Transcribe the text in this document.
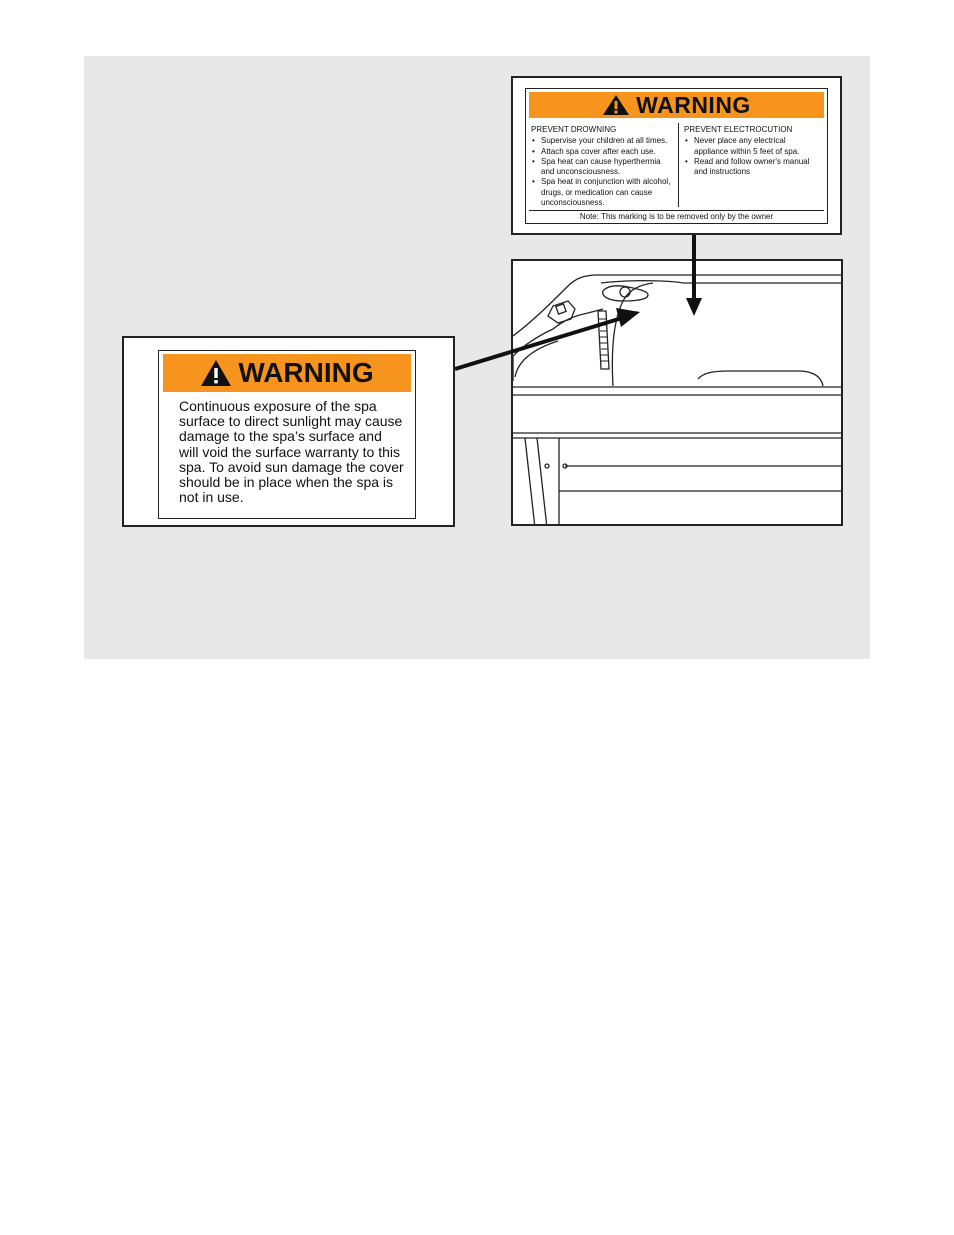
WARNING
PREVENT DROWNING
• Supervise your children at all times.
• Attach spa cover after each use.
• Spa heat can cause hyperthermia and unconsciousness.
• Spa heat in conjunction with alcohol, drugs, or medication can cause unconsciousness.
PREVENT ELECTROCUTION
• Never place any electrical appliance within 5 feet of spa.
• Read and follow owner's manual and instructions
Note: This marking is to be removed only by the owner
WARNING
Continuous exposure of the spa surface to direct sunlight may cause damage to the spa’s surface and will void the surface warranty to this spa. To avoid sun damage the cover should be in place when the spa is not in use.
